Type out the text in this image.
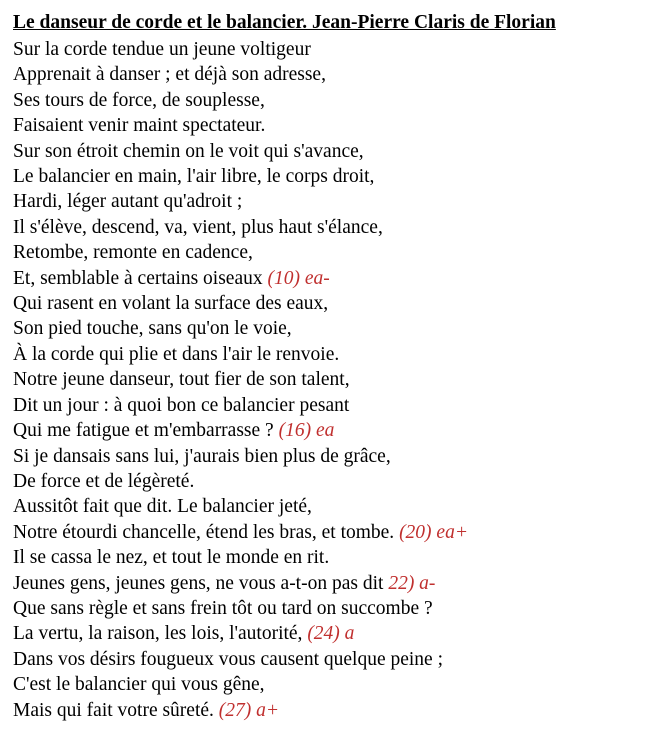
Le danseur de corde et le balancier. Jean-Pierre Claris de Florian
Sur la corde tendue un jeune voltigeur
Apprenait à danser ; et déjà son adresse,
Ses tours de force, de souplesse,
Faisaient venir maint spectateur.
Sur son étroit chemin on le voit qui s'avance,
Le balancier en main, l'air libre, le corps droit,
Hardi, léger autant qu'adroit ;
Il s'élève, descend, va, vient, plus haut s'élance,
Retombe, remonte en cadence,
Et, semblable à certains oiseaux (10) ea-
Qui rasent en volant la surface des eaux,
Son pied touche, sans qu'on le voie,
À la corde qui plie et dans l'air le renvoie.
Notre jeune danseur, tout fier de son talent,
Dit un jour : à quoi bon ce balancier pesant
Qui me fatigue et m'embarrasse ? (16) ea
Si je dansais sans lui, j'aurais bien plus de grâce,
De force et de légèreté.
Aussitôt fait que dit. Le balancier jeté,
Notre étourdi chancelle, étend les bras, et tombe. (20) ea+
Il se cassa le nez, et tout le monde en rit.
Jeunes gens, jeunes gens, ne vous a-t-on pas dit 22) a-
Que sans règle et sans frein tôt ou tard on succombe ?
La vertu, la raison, les lois, l'autorité, (24) a
Dans vos désirs fougueux vous causent quelque peine ;
C'est le balancier qui vous gêne,
Mais qui fait votre sûreté. (27) a+
